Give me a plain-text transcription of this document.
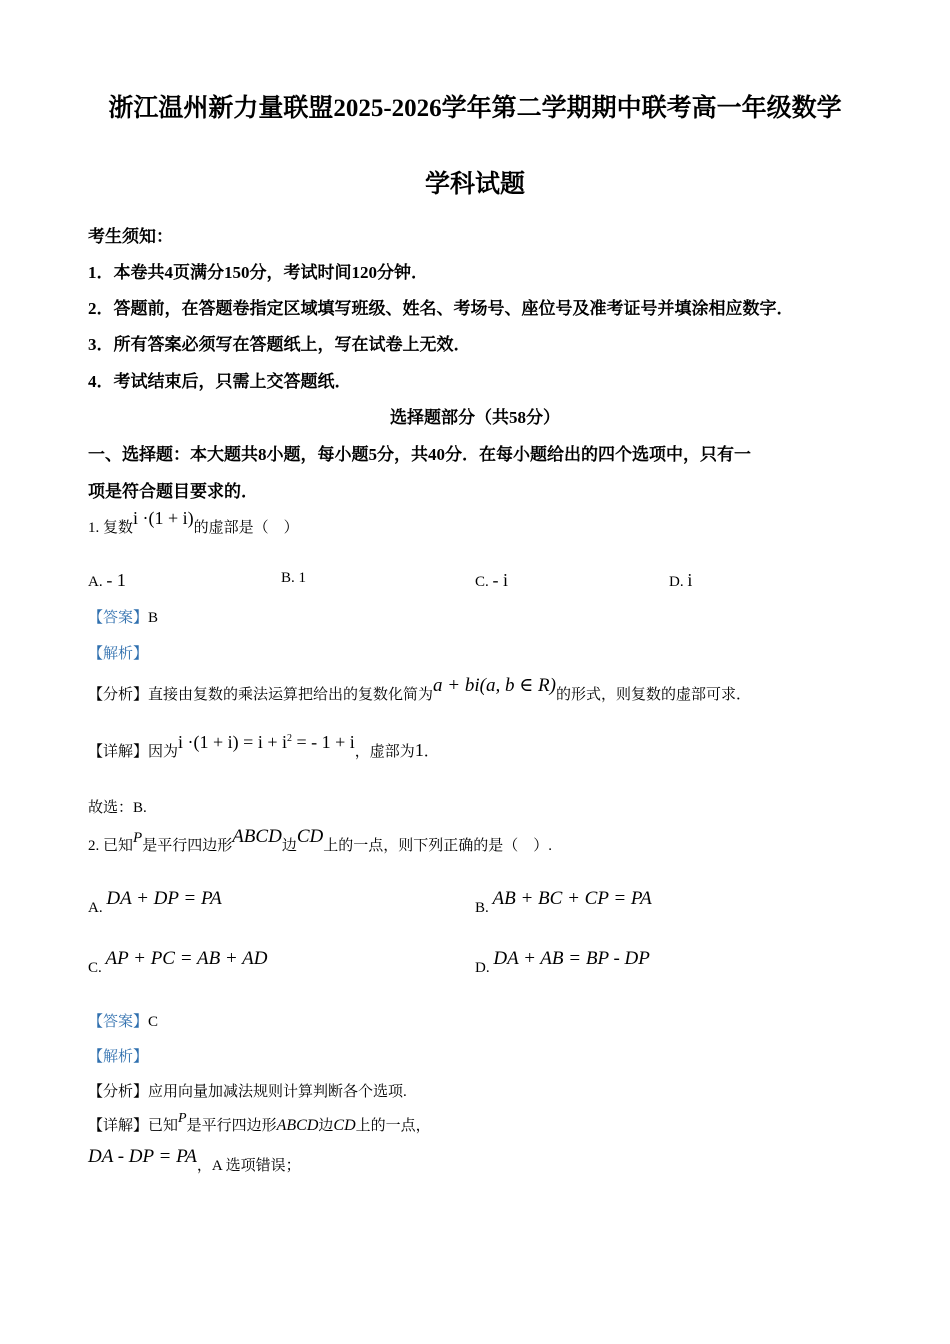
浙江温州新力量联盟2025-2026学年第二学期期中联考高一年级数学
学科试题
考生须知：
1．本卷共4页满分150分，考试时间120分钟．
2．答题前，在答题卷指定区域填写班级、姓名、考场号、座位号及准考证号并填涂相应数字．
3．所有答案必须写在答题纸上，写在试卷上无效．
4．考试结束后，只需上交答题纸．
选择题部分（共58分）
一、选择题：本大题共8小题，每小题5分，共40分．在每小题给出的四个选项中，只有一
项是符合题目要求的．
1. 复数i ·(1 + i)的虚部是（　）
A. - 1	B. 1	C. - i	D. i
【答案】B
【解析】
【分析】直接由复数的乘法运算把给出的复数化简为a + bi(a, b ∈ R)的形式，则复数的虚部可求．
【详解】因为$i \cdot(1 + i) = i + i^2$ = - 1 + i，虚部为1．
故选：B.
2. 已知P是平行四边形ABCD边CD上的一点，则下列正确的是（　）.
A. DA + DP = PA	B. AB + BC + CP = PA
C. AP + PC = AB + AD	D. DA + AB = BP - DP
【答案】C
【解析】
【分析】应用向量加减法规则计算判断各个选项.
【详解】已知P是平行四边形ABCD边CD上的一点，
DA - DP = PA，A 选项错误；
